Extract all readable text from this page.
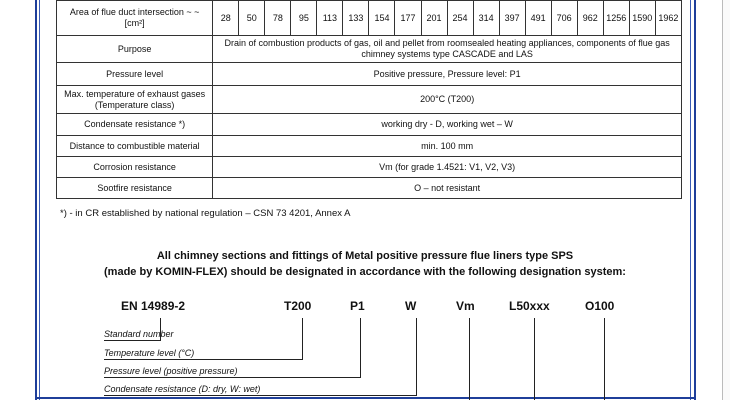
Area of flue duct intersection ~ ~[cm²]	28	50	78	95	113	133	154	177	201	254	314	397	491	706	962	1256	1590	1962
Purpose	Drain of combustion products of gas, oil and pellet from roomsealed heating appliances, components of flue gas chimney systems type CASCADE and LAS																	
Pressure level	Positive pressure, Pressure level: P1																	
Max. temperature of exhaust gases (Temperature class)	200°C (T200)																	
Condensate resistance *)	working dry - D, working wet – W																	
Distance to combustible material	min. 100 mm																	
Corrosion resistance	Vm (for grade 1.4521: V1, V2, V3)																	
Sootfire resistance	O – not resistant																	
*) - in CR established by national regulation – CSN 73 4201, Annex A
All chimney sections and fittings of Metal positive pressure flue liners type SPS
(made by KOMIN-FLEX) should be designated in accordance with the following designation system:
EN 14989-2	T200	P1	W	Vm	L50xxx	O100
Standard number
Temperature level (°C)
Pressure level (positive pressure)
Condensate resistance (D: dry, W: wet)
